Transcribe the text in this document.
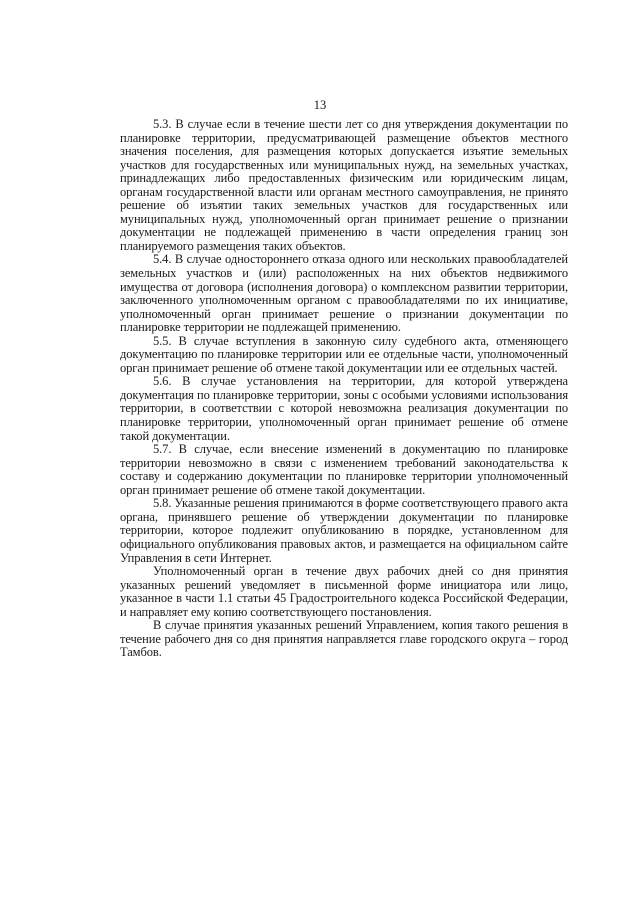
13

5.3. В случае если в течение шести лет со дня утверждения документации по планировке территории, предусматривающей размещение объектов местного значения поселения, для размещения которых допускается изъятие земельных участков для государственных или муниципальных нужд, на земельных участках, принадлежащих либо предоставленных физическим или юридическим лицам, органам государственной власти или органам местного самоуправления, не принято решение об изъятии таких земельных участков для государственных или муниципальных нужд, уполномоченный орган принимает решение о признании документации не подлежащей применению в части определения границ зон планируемого размещения таких объектов.

5.4. В случае одностороннего отказа одного или нескольких правообладателей земельных участков и (или) расположенных на них объектов недвижимого имущества от договора (исполнения договора) о комплексном развитии территории, заключенного уполномоченным органом с правообладателями по их инициативе, уполномоченный орган принимает решение о признании документации по планировке территории не подлежащей применению.

5.5. В случае вступления в законную силу судебного акта, отменяющего документацию по планировке территории или ее отдельные части, уполномоченный орган принимает решение об отмене такой документации или ее отдельных частей.

5.6. В случае установления на территории, для которой утверждена документация по планировке территории, зоны с особыми условиями использования территории, в соответствии с которой невозможна реализация документации по планировке территории, уполномоченный орган принимает решение об отмене такой документации.

5.7. В случае, если внесение изменений в документацию по планировке территории невозможно в связи с изменением требований законодательства к составу и содержанию документации по планировке территории уполномоченный орган принимает решение об отмене такой документации.

5.8. Указанные решения принимаются в форме соответствующего правого акта органа, принявшего решение об утверждении документации по планировке территории, которое подлежит опубликованию в порядке, установленном для официального опубликования правовых актов, и размещается на официальном сайте Управления в сети Интернет.

Уполномоченный орган в течение двух рабочих дней со дня принятия указанных решений уведомляет в письменной форме инициатора или лицо, указанное в части 1.1 статьи 45 Градостроительного кодекса Российской Федерации, и направляет ему копию соответствующего постановления.

В случае принятия указанных решений Управлением, копия такого решения в течение рабочего дня со дня принятия направляется главе городского округа – город Тамбов.
